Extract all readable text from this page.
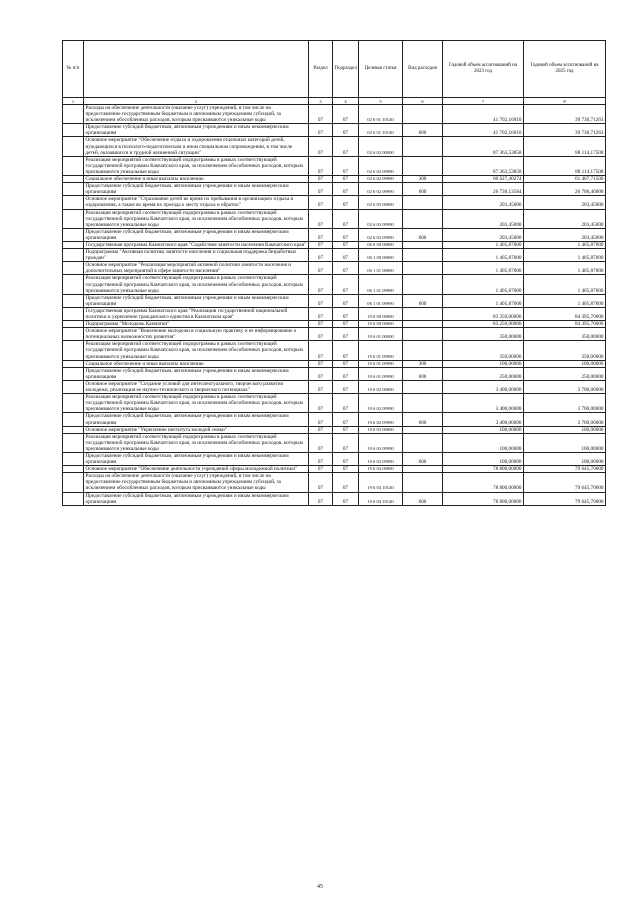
№ п/п		Раздел	Подраздел	Целевая статья	Вид расходов	Годовой объем ассигнований на 2023 год	Годовой объем ассигнований на 2025 год
1	2	3	4	5	6	7	8
	Расходы на обеспечение деятельности (оказание услуг) учреждений, в том числе на предоставление государственным бюджетным и автономным учреждениям субсидий, за исключением обособленных расходов, которым присваиваются уникальные коды	07	07	02 6 01 10140		41 702,16010	39 730,71263
	Предоставление субсидий бюджетным, автономным учреждениям и иным некоммерческим организациям	07	07	02 6 01 10140	600	41 702,16010	39 730,71263
	Основное мероприятие "Обеспечение отдыха и оздоровления отдельных категорий детей, нуждающихся в психолого-педагогическом и ином специальном сопровождении, в том числе детей, оказавшихся в трудной жизненной ситуации"	07	07	02 6 02 00000		87 363,53858	88 114,17508
	Реализация мероприятий соответствующей подпрограммы в рамках соответствующей государственной программы Камчатского края, за исключением обособленных расходов, которым присваиваются уникальные коды	07	07	02 6 02 09990		87 363,53858	88 114,17508
	Социальное обеспечение и иные выплаты населению	07	07	02 6 02 09990	300	60 627,40274	61 407,71500
	Предоставление субсидий бюджетным, автономным учреждениям и иным некоммерческим организациям	07	07	02 6 02 09990	600	26 736,13584	26 706,46008
	Основное мероприятие "Страхование детей во время их пребывания в организациях отдыха и оздоровления, а также во время их проезда к месту отдыха и обратно"	07	07	02 6 03 00000		203,45000	203,45000
	Реализация мероприятий соответствующей подпрограммы в рамках соответствующей государственной программы Камчатского края, за исключением обособленных расходов, которым присваиваются уникальные коды	07	07	02 6 03 09990		203,45000	203,45000
	Предоставление субсидий бюджетным, автономным учреждениям и иным некоммерческим организациям	07	07	02 6 03 09990	600	203,45000	203,45000
	Государственная программа Камчатского края "Содействие занятости населения Камчатского края"	07	07	06 0 00 00000		1 405,87000	1 405,87000
	Подпрограмма "Активная политика занятости населения и социальная поддержка безработных граждан"	07	07	06 1 00 00000		1 405,87000	1 405,87000
	Основное мероприятие "Реализация мероприятий активной политики занятости населения и дополнительных мероприятий в сфере занятости населения"	07	07	06 1 01 00000		1 405,87000	1 405,87000
	Реализация мероприятий соответствующей подпрограммы в рамках соответствующей государственной программы Камчатского края, за исключением обособленных расходов, которым присваиваются уникальные коды	07	07	06 1 01 09990		1 405,87000	1 405,87000
	Предоставление субсидий бюджетным, автономным учреждениям и иным некоммерческим организациям	07	07	06 1 01 09990	600	1 405,87000	1 405,87000
	Государственная программа Камчатского края "Реализация государственной национальной политики и укрепление гражданского единства в Камчатском крае"	07	07	19 0 00 00000		83 250,00000	84 395,70000
	Подпрограмма "Молодежь Камчатки"	07	07	19 6 00 00000		83 250,00000	84 395,70000
	Основное мероприятие "Вовлечение молодежи в социальную практику и ее информирование о потенциальных возможностях развития"	07	07	19 6 01 00000		350,00000	350,00000
	Реализация мероприятий соответствующей подпрограммы в рамках соответствующей государственной программы Камчатского края, за исключением обособленных расходов, которым присваиваются уникальные коды	07	07	19 6 01 09990		350,00000	350,00000
	Социальное обеспечение и иные выплаты населению	07	07	19 6 01 09990	300	100,00000	100,00000
	Предоставление субсидий бюджетным, автономным учреждениям и иным некоммерческим организациям	07	07	19 6 01 09990	600	250,00000	250,00000
	Основное мероприятие "Создание условий для интеллектуального, творческого развития молодежи, реализация ее научно-технического и творческого потенциала"	07	07	19 6 02 00000		3 400,00000	3 700,00000
	Реализация мероприятий соответствующей подпрограммы в рамках соответствующей государственной программы Камчатского края, за исключением обособленных расходов, которым присваиваются уникальные коды	07	07	19 6 02 09990		3 400,00000	3 700,00000
	Предоставление субсидий бюджетным, автономным учреждениям и иным некоммерческим организациям	07	07	19 6 02 09990	600	3 400,00000	3 700,00000
	Основное мероприятие "Укрепление института молодой семьи"	07	07	19 6 03 00000		100,00000	100,00000
	Реализация мероприятий соответствующей подпрограммы в рамках соответствующей государственной программы Камчатского края, за исключением обособленных расходов, которым присваиваются уникальные коды	07	07	19 6 03 09990		100,00000	100,00000
	Предоставление субсидий бюджетным, автономным учреждениям и иным некоммерческим организациям	07	07	19 6 03 09990	600	100,00000	100,00000
	Основное мероприятие "Обеспечение деятельности учреждений сферы молодежной политики"	07	07	19 6 04 00000		78 800,00000	79 645,70000
	Расходы на обеспечение деятельности (оказание услуг) учреждений, в том числе на предоставление государственным бюджетным и автономным учреждениям субсидий, за исключением обособленных расходов, которым присваиваются уникальные коды	07	07	19 6 04 10140		78 800,00000	79 645,70000
	Предоставление субсидий бюджетным, автономным учреждениям и иным некоммерческим организациям	07	07	19 6 04 10140	600	78 800,00000	79 645,70000
45
